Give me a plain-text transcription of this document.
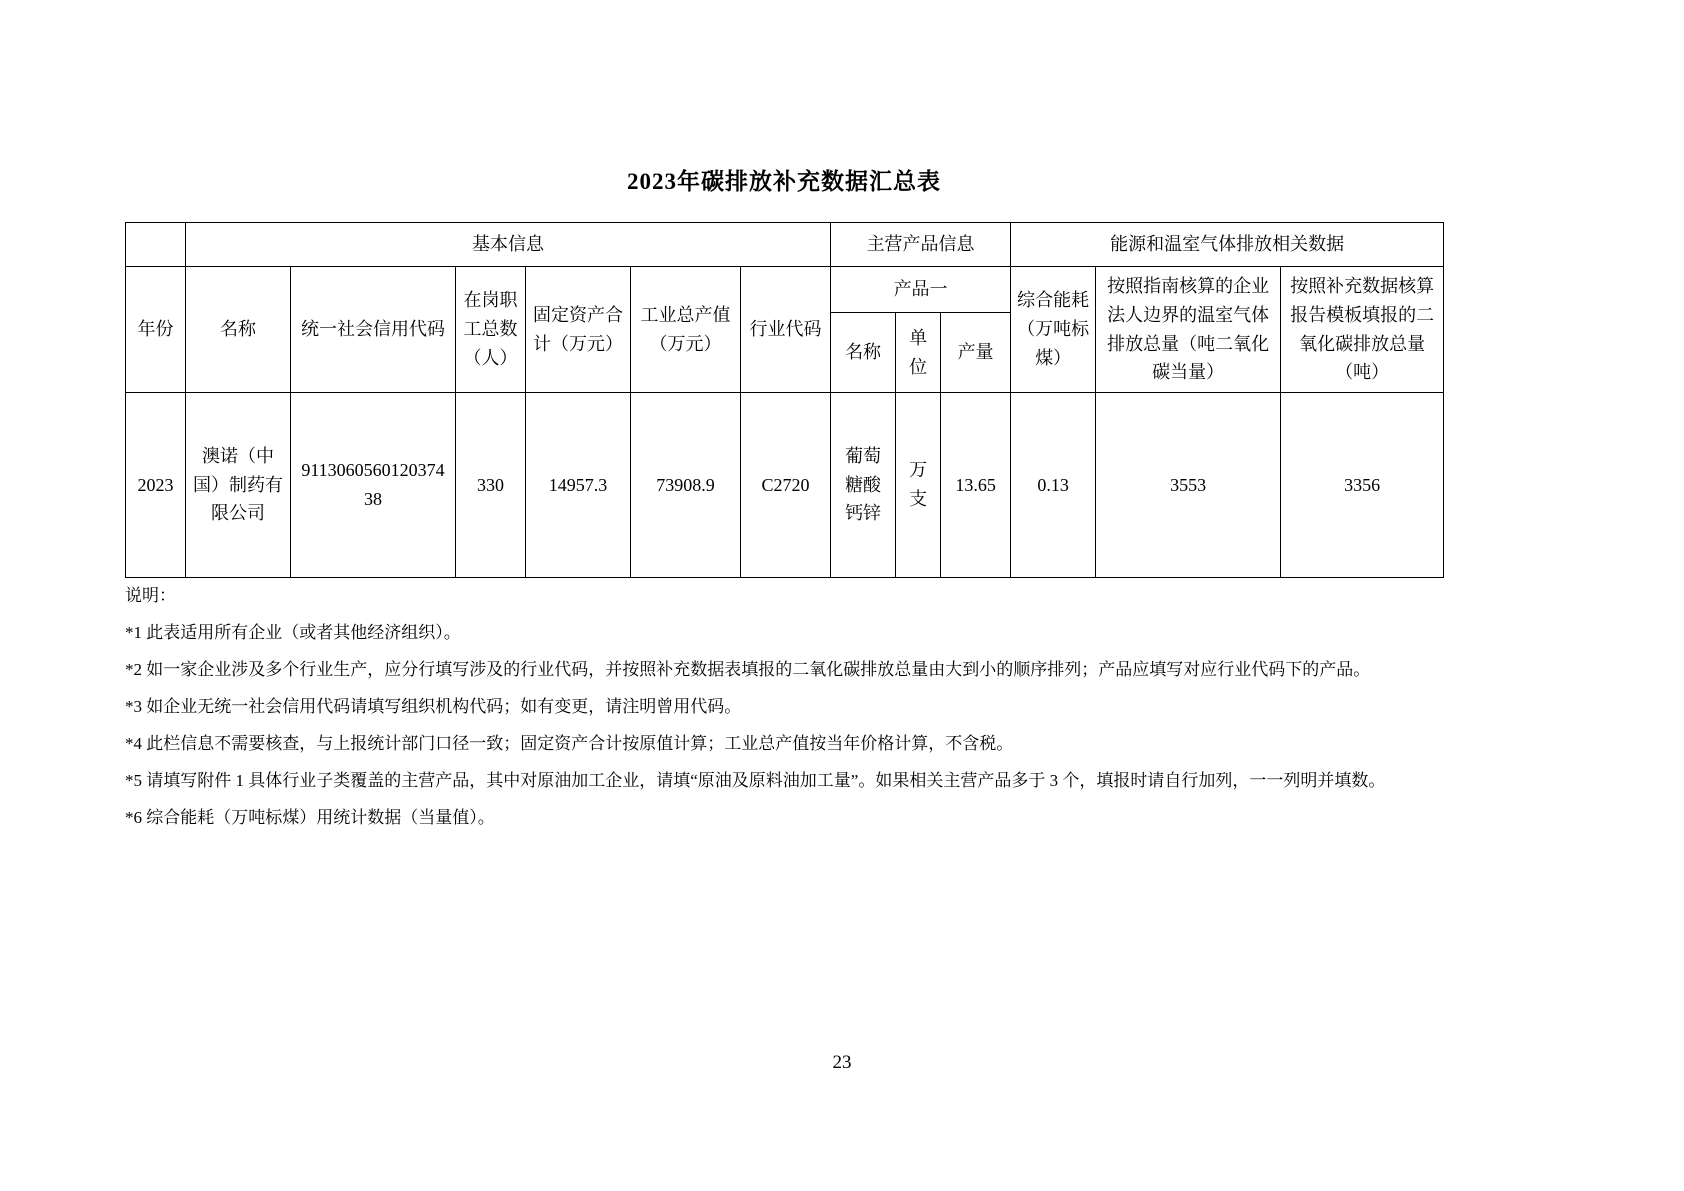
2023年碳排放补充数据汇总表
	基本信息						主营产品信息			能源和温室气体排放相关数据		
年份	名称	统一社会信用代码	在岗职工总数（人）	固定资产合计（万元）	工业总产值（万元）	行业代码	产品一			综合能耗（万吨标煤）	按照指南核算的企业法人边界的温室气体排放总量（吨二氧化碳当量）	按照补充数据核算报告模板填报的二氧化碳排放总量（吨）
							名称	单位	产量			
2023	澳诺（中国）制药有限公司	911306056012037438	330	14957.3	73908.9	C2720	葡萄糖酸钙锌	万支	13.65	0.13	3553	3356
说明：
*1 此表适用所有企业（或者其他经济组织）。
*2 如一家企业涉及多个行业生产，应分行填写涉及的行业代码，并按照补充数据表填报的二氧化碳排放总量由大到小的顺序排列；产品应填写对应行业代码下的产品。
*3 如企业无统一社会信用代码请填写组织机构代码；如有变更，请注明曾用代码。
*4 此栏信息不需要核查，与上报统计部门口径一致；固定资产合计按原值计算；工业总产值按当年价格计算，不含税。
*5 请填写附件 1 具体行业子类覆盖的主营产品，其中对原油加工企业，请填“原油及原料油加工量”。如果相关主营产品多于 3 个，填报时请自行加列，一一列明并填数。
*6 综合能耗（万吨标煤）用统计数据（当量值）。
23
